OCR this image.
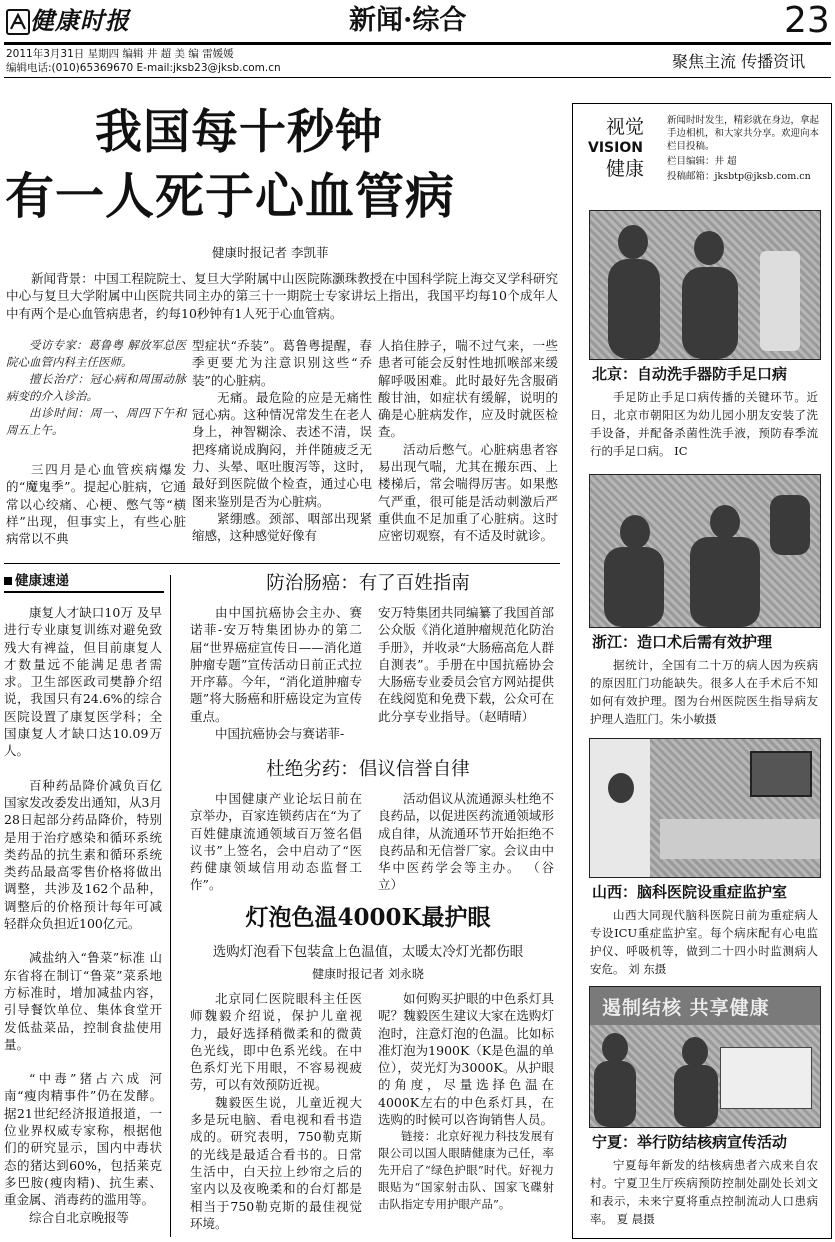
健康时报	新闻·综合	23
2011年3月31日 星期四 编辑 井 超 美 编 雷媛媛
编辑电话:(010)65369670 E-mail:jksb23@jksb.com.cn	聚焦主流 传播资讯
我国每十秒钟
有一人死于心血管病
健康时报记者 李凯菲

新闻背景：中国工程院院士、复旦大学附属中山医院陈灏珠教授在中国科学院上海交叉学科研究中心与复旦大学附属中山医院共同主办的第三十一期院士专家讲坛上指出，我国平均每10个成年人中有两个是心血管病患者，约每10秒钟有1人死于心血管病。

受访专家：葛鲁粤 解放军总医院心血管内科主任医师。

擅长治疗：冠心病和周围动脉病变的介入诊治。

出诊时间：周一、周四下午和周五上午。

三四月是心血管疾病爆发的“魔鬼季”。提起心脏病，它通常以心绞痛、心梗、憋气等“横样”出现，但事实上，有些心脏病常以不典

型症状“乔装”。葛鲁粤提醒，春季更要尤为注意识别这些“乔装”的心脏病。

无痛。最危险的应是无痛性冠心病。这种情况常发生在老人身上，神智糊涂、表述不清，误把疼痛说成胸闷，并伴随疲乏无力、头晕、呕吐腹泻等，这时，最好到医院做个检查，通过心电图来鉴别是否为心脏病。

紧绷感。颈部、咽部出现紧缩感，这种感觉好像有

人掐住脖子，喘不过气来，一些患者可能会反射性地抓喉部来缓解呼吸困难。此时最好先含服硝酸甘油，如症状有缓解，说明的确是心脏病发作，应及时就医检查。

活动后憋气。心脏病患者容易出现气喘，尤其在搬东西、上楼梯后，常会喘得厉害。如果憋气严重，很可能是活动刺激后严重供血不足加重了心脏病。这时应密切观察，有不适及时就诊。

健康速递

康复人才缺口10万 及早进行专业康复训练对避免致残大有裨益，但目前康复人才数量远不能满足患者需求。卫生部医政司樊静介绍说，我国只有24.6%的综合医院设置了康复医学科；全国康复人才缺口达10.09万人。

百种药品降价减负百亿 国家发改委发出通知，从3月28日起部分药品降价，特别是用于治疗感染和循环系统类药品的抗生素和循环系统类药品最高零售价格将做出调整，共涉及162个品种，调整后的价格预计每年可减轻群众负担近100亿元。

减盐纳入“鲁菜”标准 山东省将在制订“鲁菜”菜系地方标准时，增加减盐内容，引导餐饮单位、集体食堂开发低盐菜品，控制食盐使用量。

“中毒”猪占六成 河南“瘦肉精事件”仍在发酵。据21世纪经济报道报道，一位业界权威专家称，根据他们的研究显示，国内中毒状态的猪达到60%，包括莱克多巴胺(瘦肉精)、抗生素、重金属、消毒药的滥用等。

综合自北京晚报等

防治肠癌：有了百姓指南

由中国抗癌协会主办、赛诺菲-安万特集团协办的第二届“世界癌症宣传日——消化道肿瘤专题”宣传活动日前正式拉开序幕。今年，“消化道肿瘤专题”将大肠癌和肝癌设定为宣传重点。

中国抗癌协会与赛诺菲-

安万特集团共同编纂了我国首部公众版《消化道肿瘤规范化防治手册》，并收录“大肠癌高危人群自测表”。手册在中国抗癌协会大肠癌专业委员会官方网站提供在线阅览和免费下载，公众可在此分享专业指导。（赵晴晴）

杜绝劣药：倡议信誉自律

中国健康产业论坛日前在京举办，百家连锁药店在“为了百姓健康流通领域百万签名倡议书”上签名，会中启动了“医药健康领域信用动态监督工作”。

活动倡议从流通源头杜绝不良药品，以促进医药流通领域形成自律，从流通环节开始拒绝不良药品和无信誉厂家。会议由中华中医药学会等主办。 （谷 立）

灯泡色温4000K最护眼
选购灯泡看下包装盒上色温值，太暖太冷灯光都伤眼
健康时报记者 刘永晓

北京同仁医院眼科主任医师魏毅介绍说，保护儿童视力，最好选择稍微柔和的微黄色光线，即中色系光线。在中色系灯光下用眼，不容易视疲劳，可以有效预防近视。

魏毅医生说，儿童近视大多是玩电脑、看电视和看书造成的。研究表明，750勒克斯的光线是最适合看书的。日常生活中，白天拉上纱帘之后的室内以及夜晚柔和的台灯都是相当于750勒克斯的最佳视觉环境。

如何购买护眼的中色系灯具呢？魏毅医生建议大家在选购灯泡时，注意灯泡的色温。比如标准灯泡为1900K（K是色温的单位），荧光灯为3000K。从护眼的角度，尽量选择色温在4000K左右的中色系灯具，在选购的时候可以咨询销售人员。

链接：北京好视力科技发展有限公司以国人眼睛健康为己任，率先开启了“绿色护眼”时代。好视力眼贴为“国家射击队、国家飞碟射击队指定专用护眼产品”。

视觉
VISION
健康
新闻时时发生，精彩就在身边，拿起手边相机，和大家共分享。欢迎向本栏目投稿。
栏目编辑：井 超
投稿邮箱：jksbtp@jksb.com.cn
北京：自动洗手器防手足口病

手足防止手足口病传播的关键环节。近日，北京市朝阳区为幼儿园小朋友安装了洗手设备，并配备杀菌性洗手液，预防春季流行的手足口病。 IC

浙江：造口术后需有效护理

据统计，全国有二十万的病人因为疾病的原因肛门功能缺失。很多人在手术后不知如何有效护理。图为台州医院医生指导病友护理人造肛门。朱小敏摄

山西：脑科医院设重症监护室

山西大同现代脑科医院日前为重症病人专设ICU重症监护室。每个病床配有心电监护仪、呼吸机等，做到二十四小时监测病人安危。 刘 东摄

遏制结核 共享健康
宁夏：举行防结核病宣传活动

宁夏每年新发的结核病患者六成来自农村。宁夏卫生厅疾病预防控制处副处长刘文和表示，未来宁夏将重点控制流动人口患病率。 夏 晨摄
